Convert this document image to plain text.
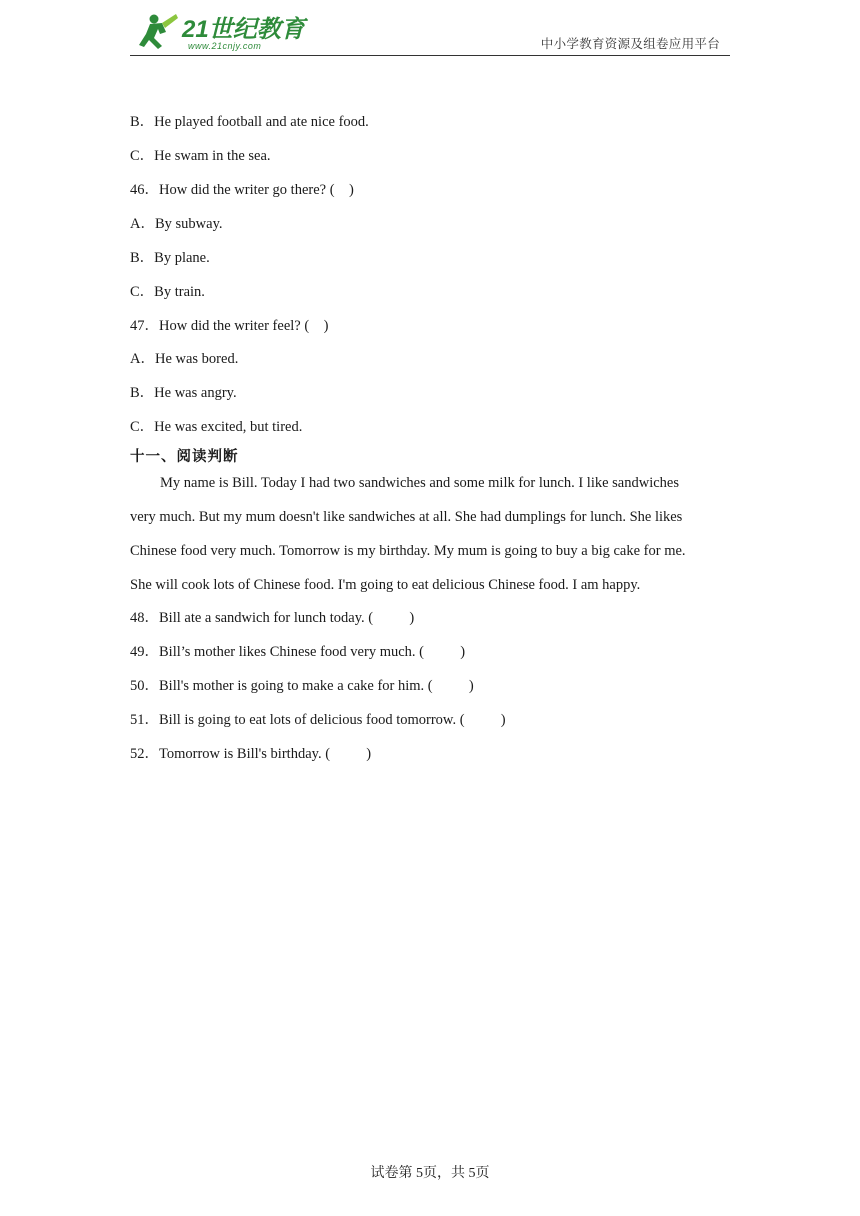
21世纪教育
www.21cnjy.com	中小学教育资源及组卷应用平台
B．He played football and ate nice food.
C．He swam in the sea.
46．How did the writer go there? (    )
A．By subway.
B．By plane.
C．By train.
47．How did the writer feel? (    )
A．He was bored.
B．He was angry.
C．He was excited, but tired.
十一、阅读判断
My name is Bill. Today I had two sandwiches and some milk for lunch. I like sandwiches
very much. But my mum doesn't like sandwiches at all. She had dumplings for lunch. She likes
Chinese food very much. Tomorrow is my birthday. My mum is going to buy a big cake for me.
She will cook lots of Chinese food. I'm going to eat delicious Chinese food. I am happy.
48．Bill ate a sandwich for lunch today. (          )
49．Bill’s mother likes Chinese food very much. (          )
50．Bill's mother is going to make a cake for him. (          )
51．Bill is going to eat lots of delicious food tomorrow. (          )
52．Tomorrow is Bill's birthday. (          )
试卷第 5页，共 5页
